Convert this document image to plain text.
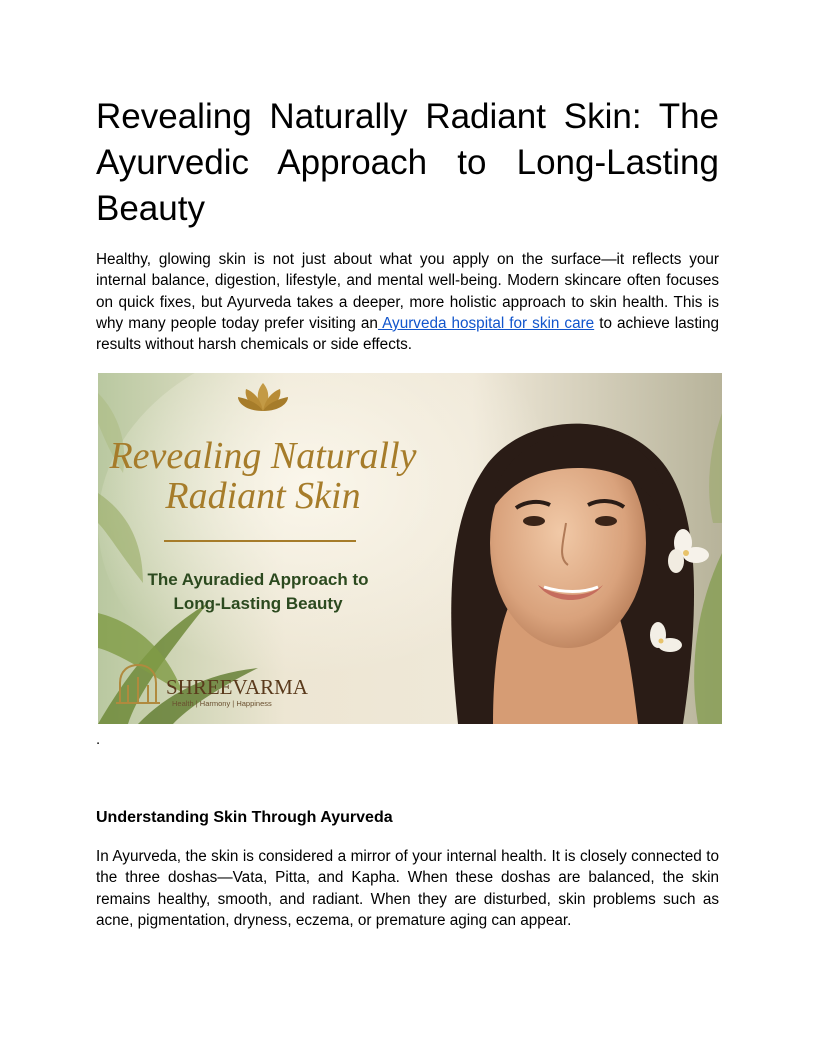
Revealing Naturally Radiant Skin: The Ayurvedic Approach to Long-Lasting Beauty

Healthy, glowing skin is not just about what you apply on the surface—it reflects your internal balance, digestion, lifestyle, and mental well-being. Modern skincare often focuses on quick fixes, but Ayurveda takes a deeper, more holistic approach to skin health. This is why many people today prefer visiting an Ayurveda hospital for skin care to achieve lasting results without harsh chemicals or side effects.

Revealing Naturally
Radiant Skin
The Ayuradied Approach to
Long-Lasting Beauty
SHREEVARMA
Health | Harmony | Happiness
.
Understanding Skin Through Ayurveda

In Ayurveda, the skin is considered a mirror of your internal health. It is closely connected to the three doshas—Vata, Pitta, and Kapha. When these doshas are balanced, the skin remains healthy, smooth, and radiant. When they are disturbed, skin problems such as acne, pigmentation, dryness, eczema, or premature aging can appear.
